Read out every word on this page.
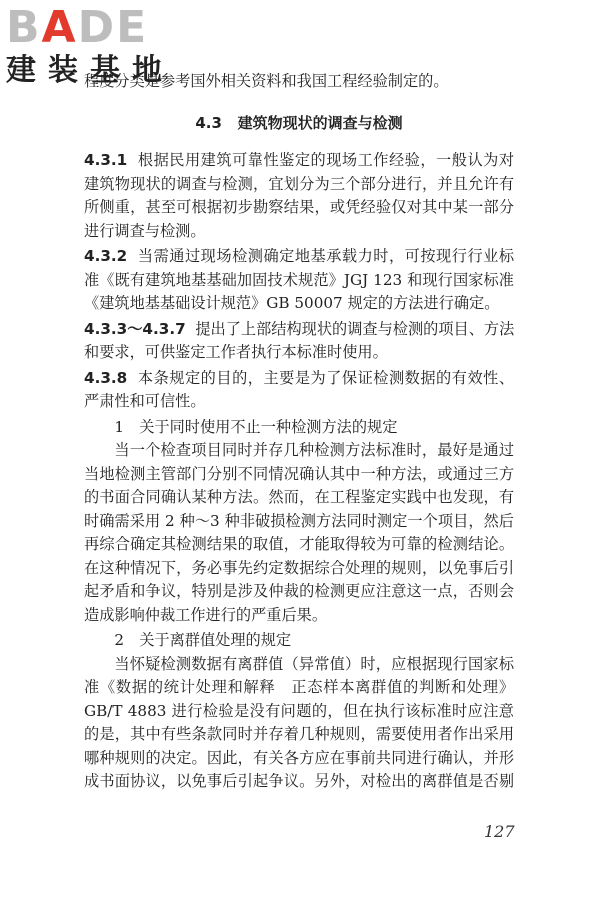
BADE
建装基地
程度分类是参考国外相关资料和我国工程经验制定的。
4.3 建筑物现状的调查与检测
4.3.1 根据民用建筑可靠性鉴定的现场工作经验，一般认为对
建筑物现状的调查与检测，宜划分为三个部分进行，并且允许有
所侧重，甚至可根据初步勘察结果，或凭经验仅对其中某一部分
进行调查与检测。
4.3.2 当需通过现场检测确定地基承载力时，可按现行行业标
准《既有建筑地基基础加固技术规范》JGJ 123 和现行国家标准
《建筑地基基础设计规范》GB 50007 规定的方法进行确定。
4.3.3～4.3.7 提出了上部结构现状的调查与检测的项目、方法
和要求，可供鉴定工作者执行本标准时使用。
4.3.8 本条规定的目的，主要是为了保证检测数据的有效性、
严肃性和可信性。
1　关于同时使用不止一种检测方法的规定
当一个检查项目同时并存几种检测方法标准时，最好是通过
当地检测主管部门分别不同情况确认其中一种方法，或通过三方
的书面合同确认某种方法。然而，在工程鉴定实践中也发现，有
时确需采用 2 种～3 种非破损检测方法同时测定一个项目，然后
再综合确定其检测结果的取值，才能取得较为可靠的检测结论。
在这种情况下，务必事先约定数据综合处理的规则，以免事后引
起矛盾和争议，特别是涉及仲裁的检测更应注意这一点，否则会
造成影响仲裁工作进行的严重后果。
2　关于离群值处理的规定
当怀疑检测数据有离群值（异常值）时，应根据现行国家标
准《数据的统计处理和解释　正态样本离群值的判断和处理》
GB/T 4883 进行检验是没有问题的，但在执行该标准时应注意
的是，其中有些条款同时并存着几种规则，需要使用者作出采用
哪种规则的决定。因此，有关各方应在事前共同进行确认，并形
成书面协议，以免事后引起争议。另外，对检出的离群值是否剔
127
